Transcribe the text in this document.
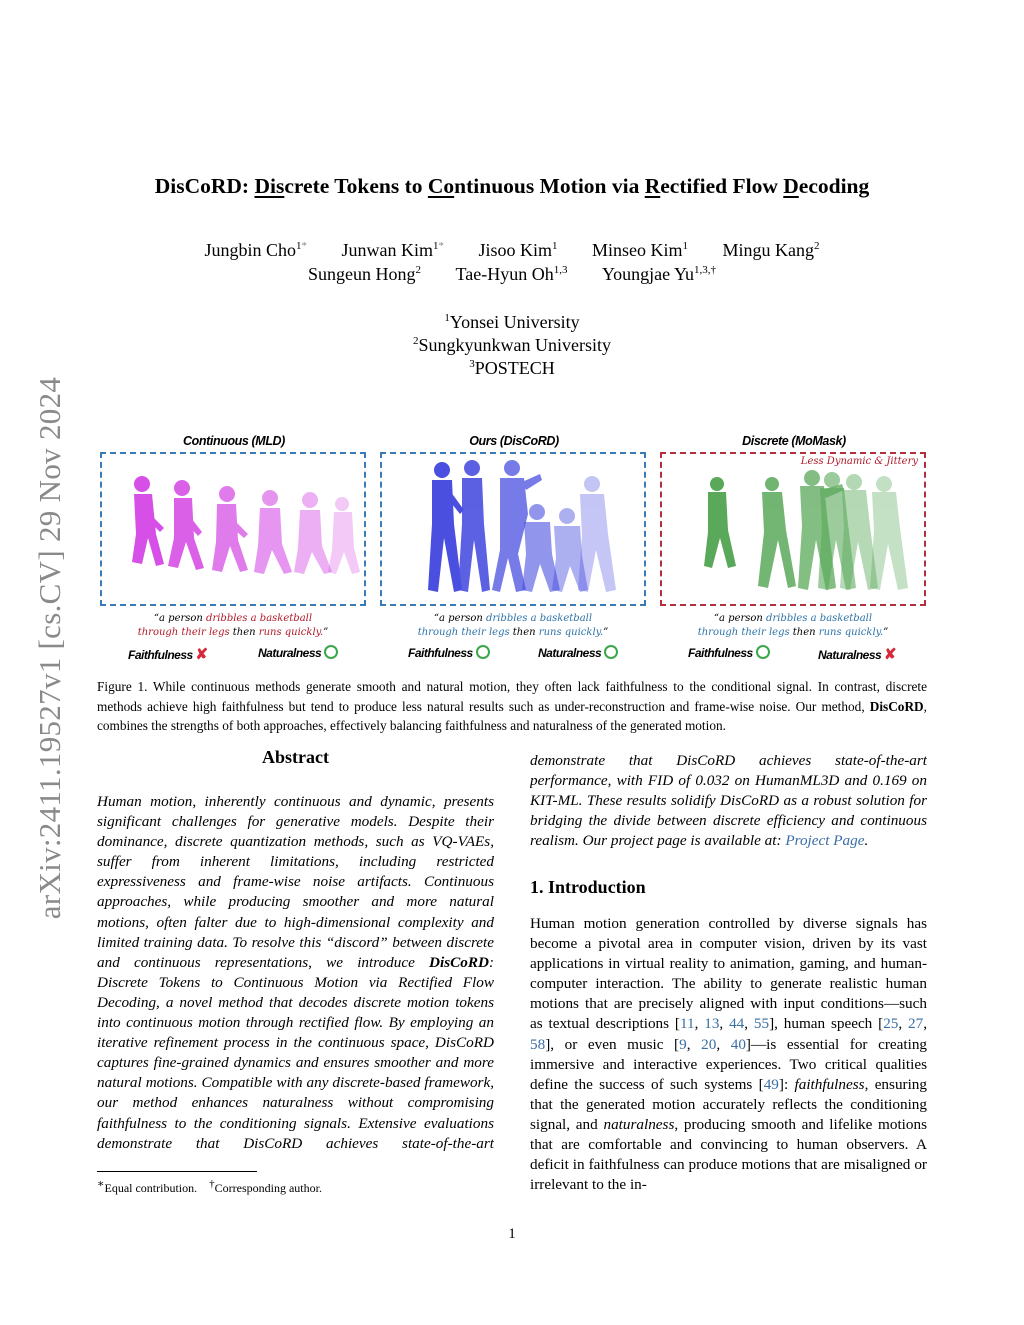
arXiv:2411.19527v1 [cs.CV] 29 Nov 2024
DisCoRD: Discrete Tokens to Continuous Motion via Rectified Flow Decoding
Jungbin Cho$^{1*}$ Junwan Kim$^{1*}$ Jisoo Kim$^1$ Minseo Kim$^1$ Mingu Kang$^2$
Sungeun Hong$^2$ Tae-Hyun Oh$^{1,3}$ Youngjae $Yu^{1,3,\dagger}$
$^1$Yonsei University
$^2$Sungkyunkwan University
$^3$POSTECH
Continuous (MLD)
“a person dribbles a basketball
through their legs then runs quickly.”
Faithfulness ✘	Naturalness
Ours (DisCoRD)
“a person dribbles a basketball
through their legs then runs quickly.”
Faithfulness	Naturalness
Discrete (MoMask)
Less Dynamic & Jittery
“a person dribbles a basketball
through their legs then runs quickly.”
Faithfulness	Naturalness ✘
Figure 1. While continuous methods generate smooth and natural motion, they often lack faithfulness to the conditional signal. In contrast, discrete methods achieve high faithfulness but tend to produce less natural results such as under-reconstruction and frame-wise noise. Our method, DisCoRD, combines the strengths of both approaches, effectively balancing faithfulness and naturalness of the generated motion.
Abstract
Human motion, inherently continuous and dynamic, presents significant challenges for generative models. Despite their dominance, discrete quantization methods, such as VQ-VAEs, suffer from inherent limitations, including restricted expressiveness and frame-wise noise artifacts. Continuous approaches, while producing smoother and more natural motions, often falter due to high-dimensional complexity and limited training data. To resolve this “discord” between discrete and continuous representations, we introduce DisCoRD: Discrete Tokens to Continuous Motion via Rectified Flow Decoding, a novel method that decodes discrete motion tokens into continuous motion through rectified flow. By employing an iterative refinement process in the continuous space, DisCoRD captures fine-grained dynamics and ensures smoother and more natural motions. Compatible with any discrete-based framework, our method enhances naturalness without compromising faithfulness to the conditioning signals. Extensive evaluations demonstrate that DisCoRD achieves state-of-the-art
demonstrate that DisCoRD achieves state-of-the-art performance, with FID of 0.032 on HumanML3D and 0.169 on KIT-ML. These results solidify DisCoRD as a robust solution for bridging the divide between discrete efficiency and continuous realism. Our project page is available at: Project Page.
∗Equal contribution. †Corresponding author.
1. Introduction
Human motion generation controlled by diverse signals has become a pivotal area in computer vision, driven by its vast applications in virtual reality to animation, gaming, and human-computer interaction. The ability to generate realistic human motions that are precisely aligned with input conditions—such as textual descriptions [11, 13, 44, 55], human speech [25, 27, 58], or even music [9, 20, 40]—is essential for creating immersive and interactive experiences. Two critical qualities define the success of such systems [49]: faithfulness, ensuring that the generated motion accurately reflects the conditioning signal, and naturalness, producing smooth and lifelike motions that are comfortable and convincing to human observers. A deficit in faithfulness can produce motions that are misaligned or irrelevant to the in-
1
